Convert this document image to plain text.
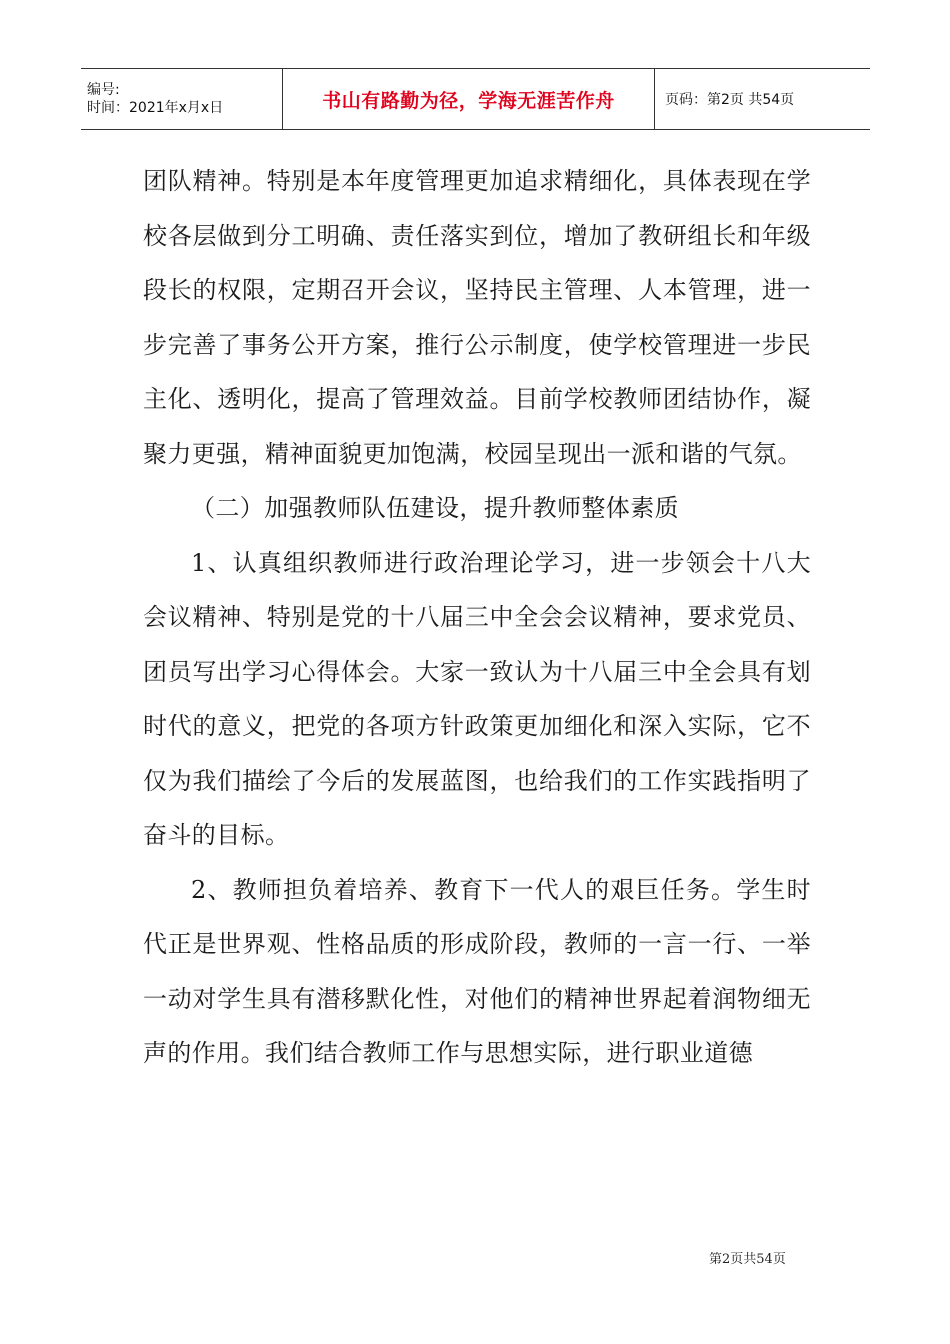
编号:
时间：2021年x月x日	书山有路勤为径，学海无涯苦作舟	页码：第2页 共54页

团队精神。特别是本年度管理更加追求精细化，具体表现在学校各层做到分工明确、责任落实到位，增加了教研组长和年级段长的权限，定期召开会议，坚持民主管理、人本管理，进一步完善了事务公开方案，推行公示制度，使学校管理进一步民主化、透明化，提高了管理效益。目前学校教师团结协作，凝聚力更强，精神面貌更加饱满，校园呈现出一派和谐的气氛。

（二）加强教师队伍建设，提升教师整体素质

1、认真组织教师进行政治理论学习，进一步领会十八大会议精神、特别是党的十八届三中全会会议精神，要求党员、团员写出学习心得体会。大家一致认为十八届三中全会具有划时代的意义，把党的各项方针政策更加细化和深入实际，它不仅为我们描绘了今后的发展蓝图，也给我们的工作实践指明了奋斗的目标。

2、教师担负着培养、教育下一代人的艰巨任务。学生时代正是世界观、性格品质的形成阶段，教师的一言一行、一举一动对学生具有潜移默化性，对他们的精神世界起着润物细无声的作用。我们结合教师工作与思想实际，进行职业道德

第2页共54页
